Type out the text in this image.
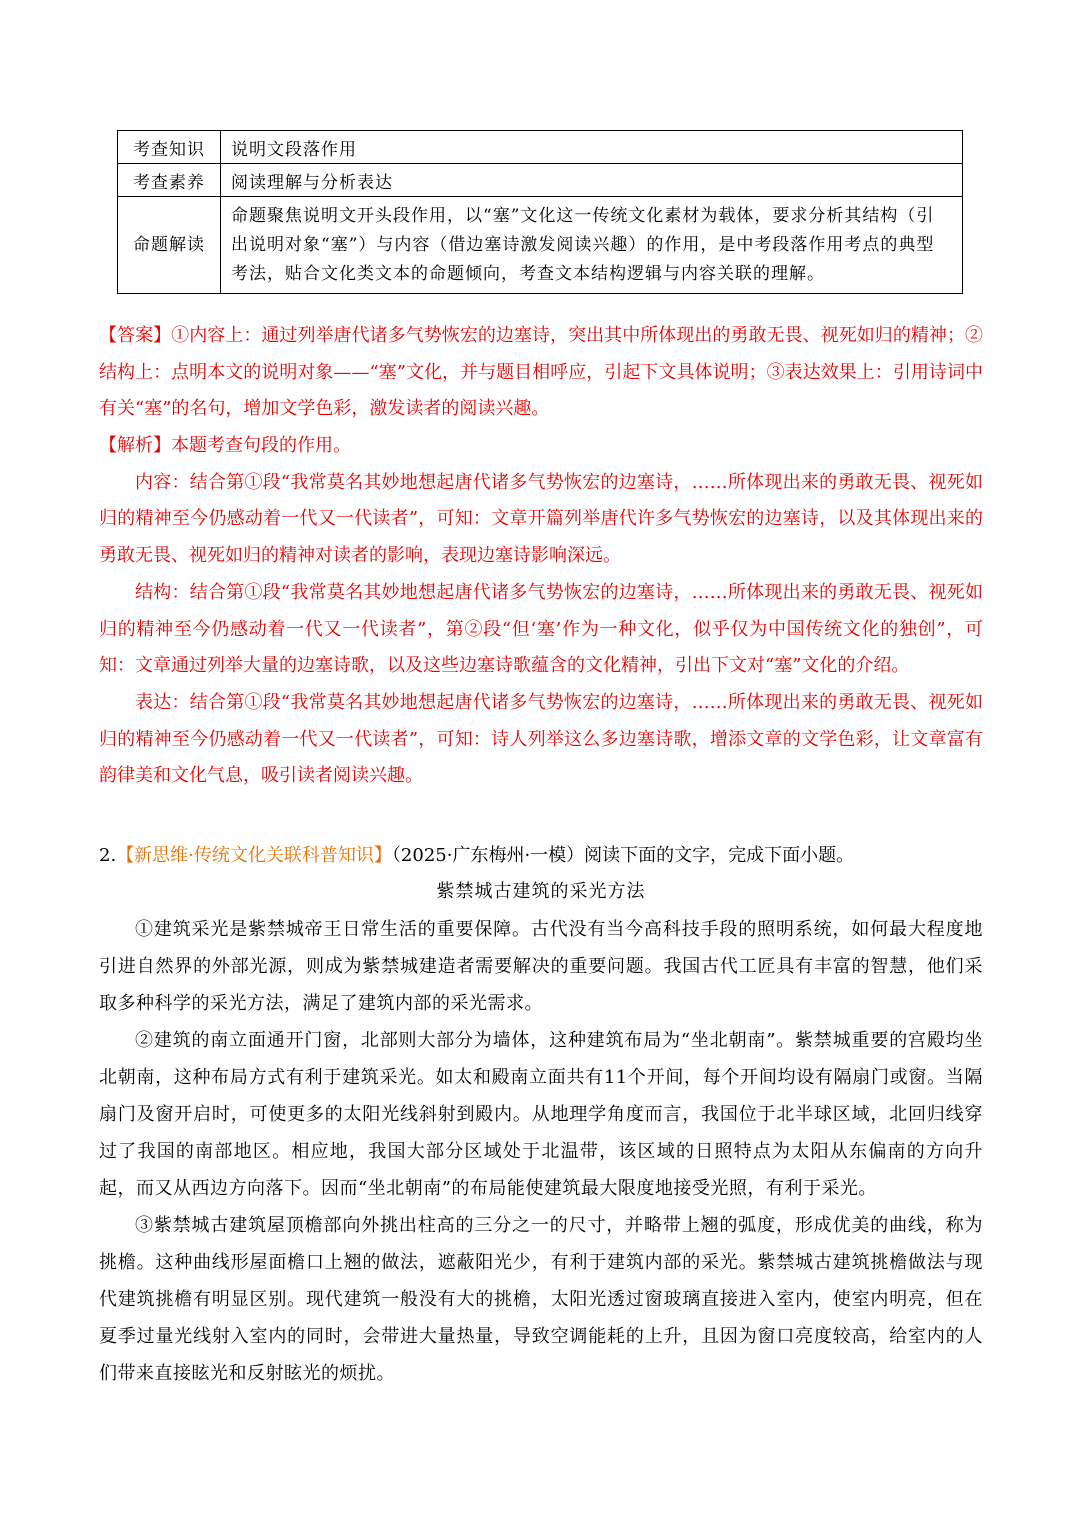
考查知识	说明文段落作用
考查素养	阅读理解与分析表达
命题解读	命题聚焦说明文开头段作用，以“塞”文化这一传统文化素材为载体，要求分析其结构（引出说明对象“塞”）与内容（借边塞诗激发阅读兴趣）的作用，是中考段落作用考点的典型考法，贴合文化类文本的命题倾向，考查文本结构逻辑与内容关联的理解。

【答案】①内容上：通过列举唐代诸多气势恢宏的边塞诗，突出其中所体现出的勇敢无畏、视死如归的精神；②结构上：点明本文的说明对象——“塞”文化，并与题目相呼应，引起下文具体说明；③表达效果上：引用诗词中有关“塞”的名句，增加文学色彩，激发读者的阅读兴趣。

【解析】本题考查句段的作用。

内容：结合第①段“我常莫名其妙地想起唐代诸多气势恢宏的边塞诗，……所体现出来的勇敢无畏、视死如归的精神至今仍感动着一代又一代读者”，可知：文章开篇列举唐代许多气势恢宏的边塞诗，以及其体现出来的勇敢无畏、视死如归的精神对读者的影响，表现边塞诗影响深远。

结构：结合第①段“我常莫名其妙地想起唐代诸多气势恢宏的边塞诗，……所体现出来的勇敢无畏、视死如归的精神至今仍感动着一代又一代读者”，第②段“但‘塞’作为一种文化，似乎仅为中国传统文化的独创”，可知：文章通过列举大量的边塞诗歌，以及这些边塞诗歌蕴含的文化精神，引出下文对“塞”文化的介绍。

表达：结合第①段“我常莫名其妙地想起唐代诸多气势恢宏的边塞诗，……所体现出来的勇敢无畏、视死如归的精神至今仍感动着一代又一代读者”，可知：诗人列举这么多边塞诗歌，增添文章的文学色彩，让文章富有韵律美和文化气息，吸引读者阅读兴趣。

2.【新思维·传统文化关联科普知识】（2025·广东梅州·一模）阅读下面的文字，完成下面小题。
紫禁城古建筑的采光方法

①建筑采光是紫禁城帝王日常生活的重要保障。古代没有当今高科技手段的照明系统，如何最大程度地引进自然界的外部光源，则成为紫禁城建造者需要解决的重要问题。我国古代工匠具有丰富的智慧，他们采取多种科学的采光方法，满足了建筑内部的采光需求。

②建筑的南立面通开门窗，北部则大部分为墙体，这种建筑布局为“坐北朝南”。紫禁城重要的宫殿均坐北朝南，这种布局方式有利于建筑采光。如太和殿南立面共有11个开间，每个开间均设有隔扇门或窗。当隔扇门及窗开启时，可使更多的太阳光线斜射到殿内。从地理学角度而言，我国位于北半球区域，北回归线穿过了我国的南部地区。相应地，我国大部分区域处于北温带，该区域的日照特点为太阳从东偏南的方向升起，而又从西边方向落下。因而“坐北朝南”的布局能使建筑最大限度地接受光照，有利于采光。

③紫禁城古建筑屋顶檐部向外挑出柱高的三分之一的尺寸，并略带上翘的弧度，形成优美的曲线，称为挑檐。这种曲线形屋面檐口上翘的做法，遮蔽阳光少，有利于建筑内部的采光。紫禁城古建筑挑檐做法与现代建筑挑檐有明显区别。现代建筑一般没有大的挑檐，太阳光透过窗玻璃直接进入室内，使室内明亮，但在夏季过量光线射入室内的同时，会带进大量热量，导致空调能耗的上升，且因为窗口亮度较高，给室内的人们带来直接眩光和反射眩光的烦扰。
